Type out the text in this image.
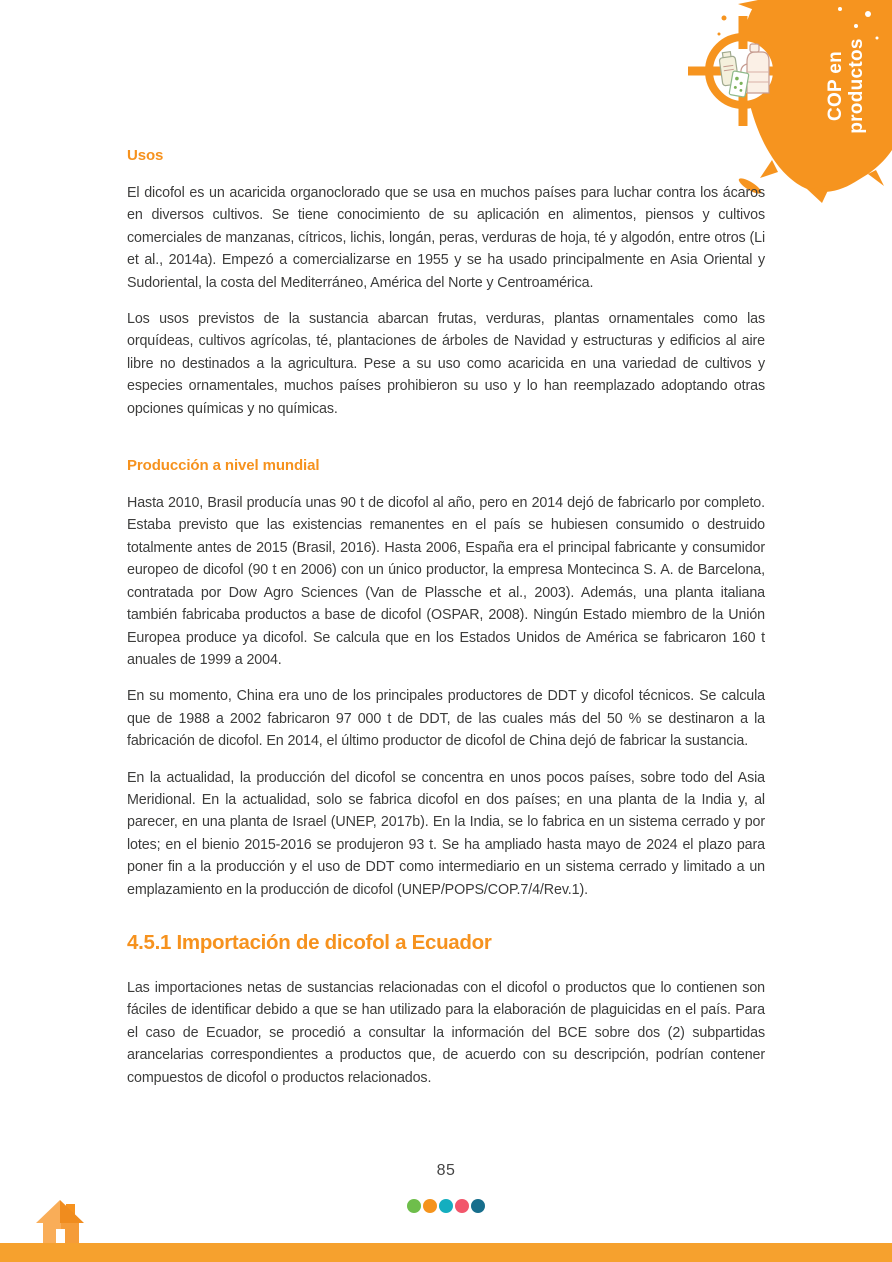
COP en productos
Usos

El dicofol es un acaricida organoclorado que se usa en muchos países para luchar contra los ácaros en diversos cultivos. Se tiene conocimiento de su aplicación en alimentos, piensos y cultivos comerciales de manzanas, cítricos, lichis, longán, peras, verduras de hoja, té y algodón, entre otros (Li et al., 2014a). Empezó a comercializarse en 1955 y se ha usado principalmente en Asia Oriental y Sudoriental, la costa del Mediterráneo, América del Norte y Centroamérica.

Los usos previstos de la sustancia abarcan frutas, verduras, plantas ornamentales como las orquídeas, cultivos agrícolas, té, plantaciones de árboles de Navidad y estructuras y edificios al aire libre no destinados a la agricultura. Pese a su uso como acaricida en una variedad de cultivos y especies ornamentales, muchos países prohibieron su uso y lo han reemplazado adoptando otras opciones químicas y no químicas.

Producción a nivel mundial

Hasta 2010, Brasil producía unas 90 t de dicofol al año, pero en 2014 dejó de fabricarlo por completo. Estaba previsto que las existencias remanentes en el país se hubiesen consumido o destruido totalmente antes de 2015 (Brasil, 2016). Hasta 2006, España era el principal fabricante y consumidor europeo de dicofol (90 t en 2006) con un único productor, la empresa Montecinca S. A. de Barcelona, contratada por Dow Agro Sciences (Van de Plassche et al., 2003). Además, una planta italiana también fabricaba productos a base de dicofol (OSPAR, 2008). Ningún Estado miembro de la Unión Europea produce ya dicofol. Se calcula que en los Estados Unidos de América se fabricaron 160 t anuales de 1999 a 2004.

En su momento, China era uno de los principales productores de DDT y dicofol técnicos. Se calcula que de 1988 a 2002 fabricaron 97 000 t de DDT, de las cuales más del 50 % se destinaron a la fabricación de dicofol. En 2014, el último productor de dicofol de China dejó de fabricar la sustancia.

En la actualidad, la producción del dicofol se concentra en unos pocos países, sobre todo del Asia Meridional. En la actualidad, solo se fabrica dicofol en dos países; en una planta de la India y, al parecer, en una planta de Israel (UNEP, 2017b). En la India, se lo fabrica en un sistema cerrado y por lotes; en el bienio 2015-2016 se produjeron 93 t. Se ha ampliado hasta mayo de 2024 el plazo para poner fin a la producción y el uso de DDT como intermediario en un sistema cerrado y limitado a un emplazamiento en la producción de dicofol (UNEP/POPS/COP.7/4/Rev.1).

4.5.1 Importación de dicofol a Ecuador

Las importaciones netas de sustancias relacionadas con el dicofol o productos que lo contienen son fáciles de identificar debido a que se han utilizado para la elaboración de plaguicidas en el país. Para el caso de Ecuador, se procedió a consultar la información del BCE sobre dos (2) subpartidas arancelarias correspondientes a productos que, de acuerdo con su descripción, podrían contener compuestos de dicofol o productos relacionados.

85
